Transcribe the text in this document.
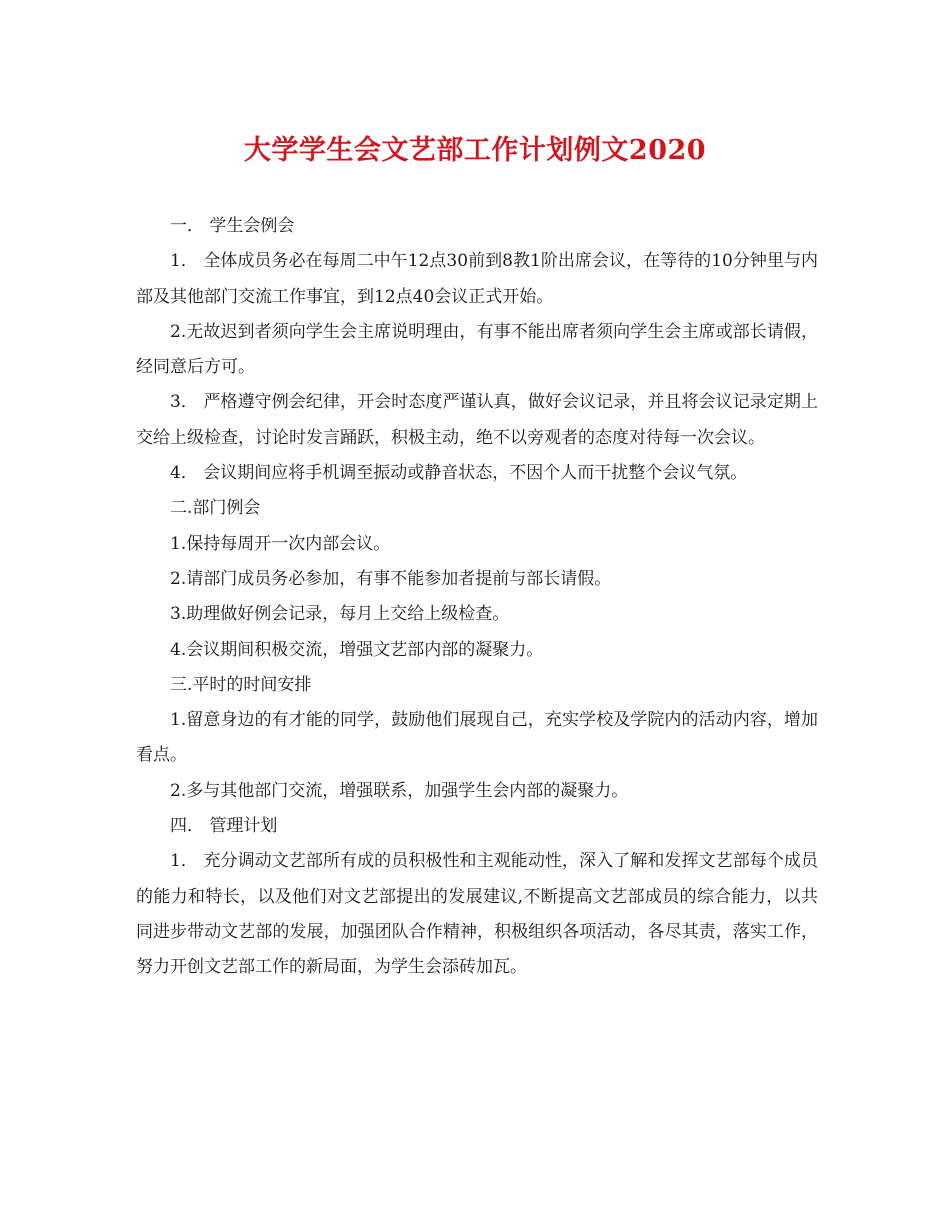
大学学生会文艺部工作计划例文2020

一． 学生会例会

1． 全体成员务必在每周二中午12点30前到8教1阶出席会议，在等待的10分钟里与内部及其他部门交流工作事宜，到12点40会议正式开始。

2.无故迟到者须向学生会主席说明理由，有事不能出席者须向学生会主席或部长请假，经同意后方可。

3． 严格遵守例会纪律，开会时态度严谨认真，做好会议记录，并且将会议记录定期上交给上级检查，讨论时发言踊跃，积极主动，绝不以旁观者的态度对待每一次会议。

4． 会议期间应将手机调至振动或静音状态，不因个人而干扰整个会议气氛。

二.部门例会

1.保持每周开一次内部会议。

2.请部门成员务必参加，有事不能参加者提前与部长请假。

3.助理做好例会记录，每月上交给上级检查。

4.会议期间积极交流，增强文艺部内部的凝聚力。

三.平时的时间安排

1.留意身边的有才能的同学，鼓励他们展现自己，充实学校及学院内的活动内容，增加看点。

2.多与其他部门交流，增强联系，加强学生会内部的凝聚力。

四． 管理计划

1． 充分调动文艺部所有成的员积极性和主观能动性，深入了解和发挥文艺部每个成员的能力和特长，以及他们对文艺部提出的发展建议,不断提高文艺部成员的综合能力，以共同进步带动文艺部的发展，加强团队合作精神，积极组织各项活动，各尽其责，落实工作，努力开创文艺部工作的新局面，为学生会添砖加瓦。
